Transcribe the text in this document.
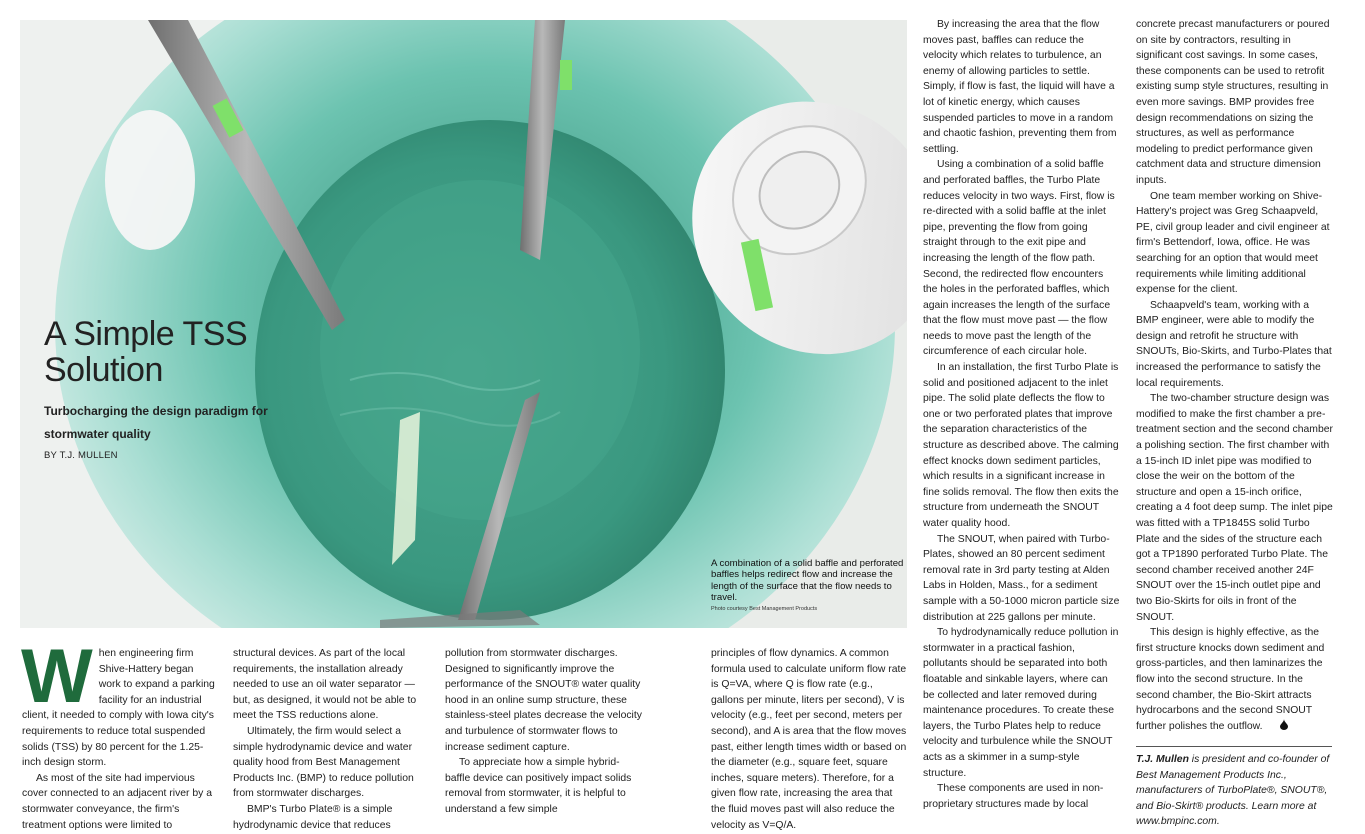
A Simple TSS Solution

Turbocharging the design paradigm for stormwater quality

BY T.J. MULLEN

A combination of a solid baffle and perforated baffles helps redirect flow and increase the length of the surface that the flow needs to travel.

Photo courtesy Best Management Products

W hen engineering firm Shive-Hattery began work to expand a parking facility for an industrial client, it needed to comply with Iowa city's requirements to reduce total suspended solids (TSS) by 80 percent for the 1.25-inch design storm.

As most of the site had impervious cover connected to an adjacent river by a stormwater conveyance, the firm's treatment options were limited to

structural devices. As part of the local requirements, the installation already needed to use an oil water separator — but, as designed, it would not be able to meet the TSS reductions alone.

Ultimately, the firm would select a simple hydrodynamic device and water quality hood from Best Management Products Inc. (BMP) to reduce pollution from stormwater discharges.

BMP's Turbo Plate® is a simple hydrodynamic device that reduces

pollution from stormwater discharges. Designed to significantly improve the performance of the SNOUT® water quality hood in an online sump structure, these stainless-steel plates decrease the velocity and turbulence of stormwater flows to increase sediment capture.

To appreciate how a simple hybrid-baffle device can positively impact solids removal from stormwater, it is helpful to understand a few simple

principles of flow dynamics. A common formula used to calculate uniform flow rate is Q=VA, where Q is flow rate (e.g., gallons per minute, liters per second), V is velocity (e.g., feet per second, meters per second), and A is area that the flow moves past, either length times width or based on the diameter (e.g., square feet, square inches, square meters). Therefore, for a given flow rate, increasing the area that the fluid moves past will also reduce the velocity as V=Q/A.

By increasing the area that the flow moves past, baffles can reduce the velocity which relates to turbulence, an enemy of allowing particles to settle. Simply, if flow is fast, the liquid will have a lot of kinetic energy, which causes suspended particles to move in a random and chaotic fashion, preventing them from settling.

Using a combination of a solid baffle and perforated baffles, the Turbo Plate reduces velocity in two ways. First, flow is re-directed with a solid baffle at the inlet pipe, preventing the flow from going straight through to the exit pipe and increasing the length of the flow path. Second, the redirected flow encounters the holes in the perforated baffles, which again increases the length of the surface that the flow must move past — the flow needs to move past the length of the circumference of each circular hole.

In an installation, the first Turbo Plate is solid and positioned adjacent to the inlet pipe. The solid plate deflects the flow to one or two perforated plates that improve the separation characteristics of the structure as described above. The calming effect knocks down sediment particles, which results in a significant increase in fine solids removal. The flow then exits the structure from underneath the SNOUT water quality hood.

The SNOUT, when paired with Turbo-Plates, showed an 80 percent sediment removal rate in 3rd party testing at Alden Labs in Holden, Mass., for a sediment sample with a 50-1000 micron particle size distribution at 225 gallons per minute.

To hydrodynamically reduce pollution in stormwater in a practical fashion, pollutants should be separated into both floatable and sinkable layers, where can be collected and later removed during maintenance procedures. To create these layers, the Turbo Plates help to reduce velocity and turbulence while the SNOUT acts as a skimmer in a sump-style structure.

These components are used in non-proprietary structures made by local

concrete precast manufacturers or poured on site by contractors, resulting in significant cost savings. In some cases, these components can be used to retrofit existing sump style structures, resulting in even more savings. BMP provides free design recommendations on sizing the structures, as well as performance modeling to predict performance given catchment data and structure dimension inputs.

One team member working on Shive-Hattery's project was Greg Schaapveld, PE, civil group leader and civil engineer at firm's Bettendorf, Iowa, office. He was searching for an option that would meet requirements while limiting additional expense for the client.

Schaapveld's team, working with a BMP engineer, were able to modify the design and retrofit he structure with SNOUTs, Bio-Skirts, and Turbo-Plates that increased the performance to satisfy the local requirements.

The two-chamber structure design was modified to make the first chamber a pre-treatment section and the second chamber a polishing section. The first chamber with a 15-inch ID inlet pipe was modified to close the weir on the bottom of the structure and open a 15-inch orifice, creating a 4 foot deep sump. The inlet pipe was fitted with a TP1845S solid Turbo Plate and the sides of the structure each got a TP1890 perforated Turbo Plate. The second chamber received another 24F SNOUT over the 15-inch outlet pipe and two Bio-Skirts for oils in front of the SNOUT.

This design is highly effective, as the first structure knocks down sediment and gross-particles, and then laminarizes the flow into the second structure. In the second chamber, the Bio-Skirt attracts hydrocarbons and the second SNOUT further polishes the outflow.

T.J. Mullen is president and co-founder of Best Management Products Inc., manufacturers of TurboPlate®, SNOUT®, and Bio-Skirt® products. Learn more at www.bmpinc.com.
